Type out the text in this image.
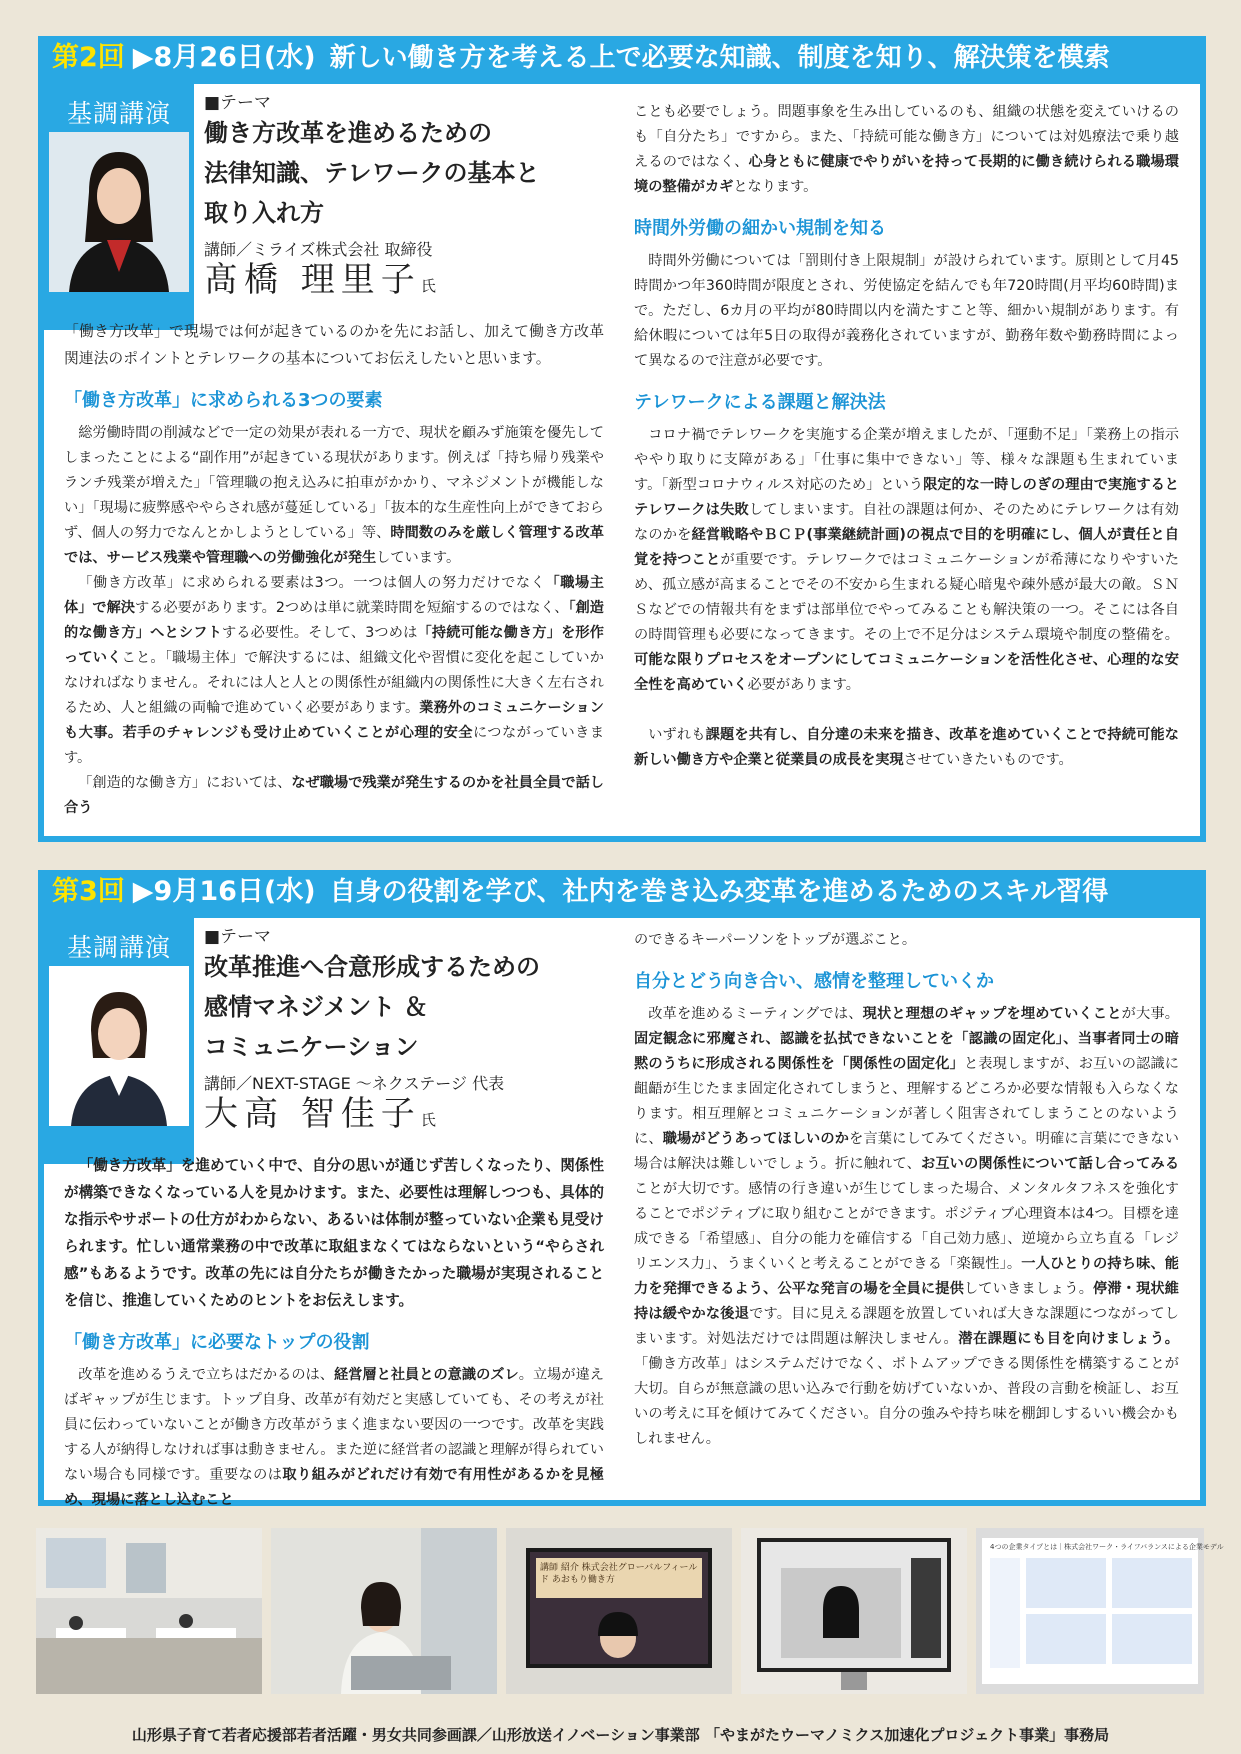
第2回 ▶8月26日(水) 新しい働き方を考える上で必要な知識、制度を知り、解決策を模索
基調講演	■テーマ
働き方改革を進めるための
法律知識、テレワークの基本と
取り入れ方
講師／ミライズ株式会社 取締役
髙橋 理里子氏

「働き方改革」で現場では何が起きているのかを先にお話し、加えて働き方改革関連法のポイントとテレワークの基本についてお伝えしたいと思います。

「働き方改革」に求められる3つの要素

総労働時間の削減などで一定の効果が表れる一方で、現状を顧みず施策を優先してしまったことによる“副作用”が起きている現状があります。例えば「持ち帰り残業やランチ残業が増えた」「管理職の抱え込みに拍車がかかり、マネジメントが機能しない」「現場に疲弊感ややらされ感が蔓延している」「抜本的な生産性向上ができておらず、個人の努力でなんとかしようとしている」等、時間数のみを厳しく管理する改革では、サービス残業や管理職への労働強化が発生しています。

「働き方改革」に求められる要素は3つ。一つは個人の努力だけでなく「職場主体」で解決する必要があります。2つめは単に就業時間を短縮するのではなく、「創造的な働き方」へとシフトする必要性。そして、3つめは「持続可能な働き方」を形作っていくこと。「職場主体」で解決するには、組織文化や習慣に変化を起こしていかなければなりません。それには人と人との関係性が組織内の関係性に大きく左右されるため、人と組織の両輪で進めていく必要があります。業務外のコミュニケーションも大事。若手のチャレンジも受け止めていくことが心理的安全につながっていきます。

「創造的な働き方」においては、なぜ職場で残業が発生するのかを社員全員で話し合う

ことも必要でしょう。問題事象を生み出しているのも、組織の状態を変えていけるのも「自分たち」ですから。また、「持続可能な働き方」については対処療法で乗り越えるのではなく、心身ともに健康でやりがいを持って長期的に働き続けられる職場環境の整備がカギとなります。

時間外労働の細かい規制を知る

時間外労働については「罰則付き上限規制」が設けられています。原則として月45時間かつ年360時間が限度とされ、労使協定を結んでも年720時間(月平均60時間)まで。ただし、6カ月の平均が80時間以内を満たすこと等、細かい規制があります。有給休暇については年5日の取得が義務化されていますが、勤務年数や勤務時間によって異なるので注意が必要です。

テレワークによる課題と解決法

コロナ禍でテレワークを実施する企業が増えましたが、「運動不足」「業務上の指示ややり取りに支障がある」「仕事に集中できない」等、様々な課題も生まれています。「新型コロナウィルス対応のため」という限定的な一時しのぎの理由で実施するとテレワークは失敗してしまいます。自社の課題は何か、そのためにテレワークは有効なのかを経営戦略やＢＣＰ(事業継続計画)の視点で目的を明確にし、個人が責任と自覚を持つことが重要です。テレワークではコミュニケーションが希薄になりやすいため、孤立感が高まることでその不安から生まれる疑心暗鬼や疎外感が最大の敵。ＳＮＳなどでの情報共有をまずは部単位でやってみることも解決策の一つ。そこには各自の時間管理も必要になってきます。その上で不足分はシステム環境や制度の整備を。可能な限りプロセスをオープンにしてコミュニケーションを活性化させ、心理的な安全性を高めていく必要があります。

いずれも課題を共有し、自分達の未来を描き、改革を進めていくことで持続可能な新しい働き方や企業と従業員の成長を実現させていきたいものです。

第3回 ▶9月16日(水) 自身の役割を学び、社内を巻き込み変革を進めるためのスキル習得
基調講演	■テーマ
改革推進へ合意形成するための
感情マネジメント ＆
コミュニケーション
講師／NEXT-STAGE 〜ネクステージ 代表
大高 智佳子氏

「働き方改革」を進めていく中で、自分の思いが通じず苦しくなったり、関係性が構築できなくなっている人を見かけます。また、必要性は理解しつつも、具体的な指示やサポートの仕方がわからない、あるいは体制が整っていない企業も見受けられます。忙しい通常業務の中で改革に取組まなくてはならないという“やらされ感”もあるようです。改革の先には自分たちが働きたかった職場が実現されることを信じ、推進していくためのヒントをお伝えします。

「働き方改革」に必要なトップの役割

改革を進めるうえで立ちはだかるのは、経営層と社員との意識のズレ。立場が違えばギャップが生じます。トップ自身、改革が有効だと実感していても、その考えが社員に伝わっていないことが働き方改革がうまく進まない要因の一つです。改革を実践する人が納得しなければ事は動きません。また逆に経営者の認識と理解が得られていない場合も同様です。重要なのは取り組みがどれだけ有効で有用性があるかを見極め、現場に落とし込むこと

のできるキーパーソンをトップが選ぶこと。

自分とどう向き合い、感情を整理していくか

改革を進めるミーティングでは、現状と理想のギャップを埋めていくことが大事。固定観念に邪魔され、認識を払拭できないことを「認識の固定化」、当事者同士の暗黙のうちに形成される関係性を「関係性の固定化」と表現しますが、お互いの認識に齟齬が生じたまま固定化されてしまうと、理解するどころか必要な情報も入らなくなります。相互理解とコミュニケーションが著しく阻害されてしまうことのないように、職場がどうあってほしいのかを言葉にしてみてください。明確に言葉にできない場合は解決は難しいでしょう。折に触れて、お互いの関係性について話し合ってみることが大切です。感情の行き違いが生じてしまった場合、メンタルタフネスを強化することでポジティブに取り組むことができます。ポジティブ心理資本は4つ。目標を達成できる「希望感」、自分の能力を確信する「自己効力感」、逆境から立ち直る「レジリエンス力」、うまくいくと考えることができる「楽観性」。一人ひとりの持ち味、能力を発揮できるよう、公平な発言の場を全員に提供していきましょう。停滞・現状維持は緩やかな後退です。目に見える課題を放置していれば大きな課題につながってしまいます。対処法だけでは問題は解決しません。潜在課題にも目を向けましょう。「働き方改革」はシステムだけでなく、ボトムアップできる関係性を構築することが大切。自らが無意識の思い込みで行動を妨げていないか、普段の言動を検証し、お互いの考えに耳を傾けてみてください。自分の強みや持ち味を棚卸しするいい機会かもしれません。

講師 紹介 株式会社グローバルフィールド あおもり働き方
4つの企業タイプとは｜株式会社ワーク・ライフバランスによる企業モデル
山形県子育て若者応援部若者活躍・男女共同参画課／山形放送イノベーション事業部 「やまがたウーマノミクス加速化プロジェクト事業」事務局
